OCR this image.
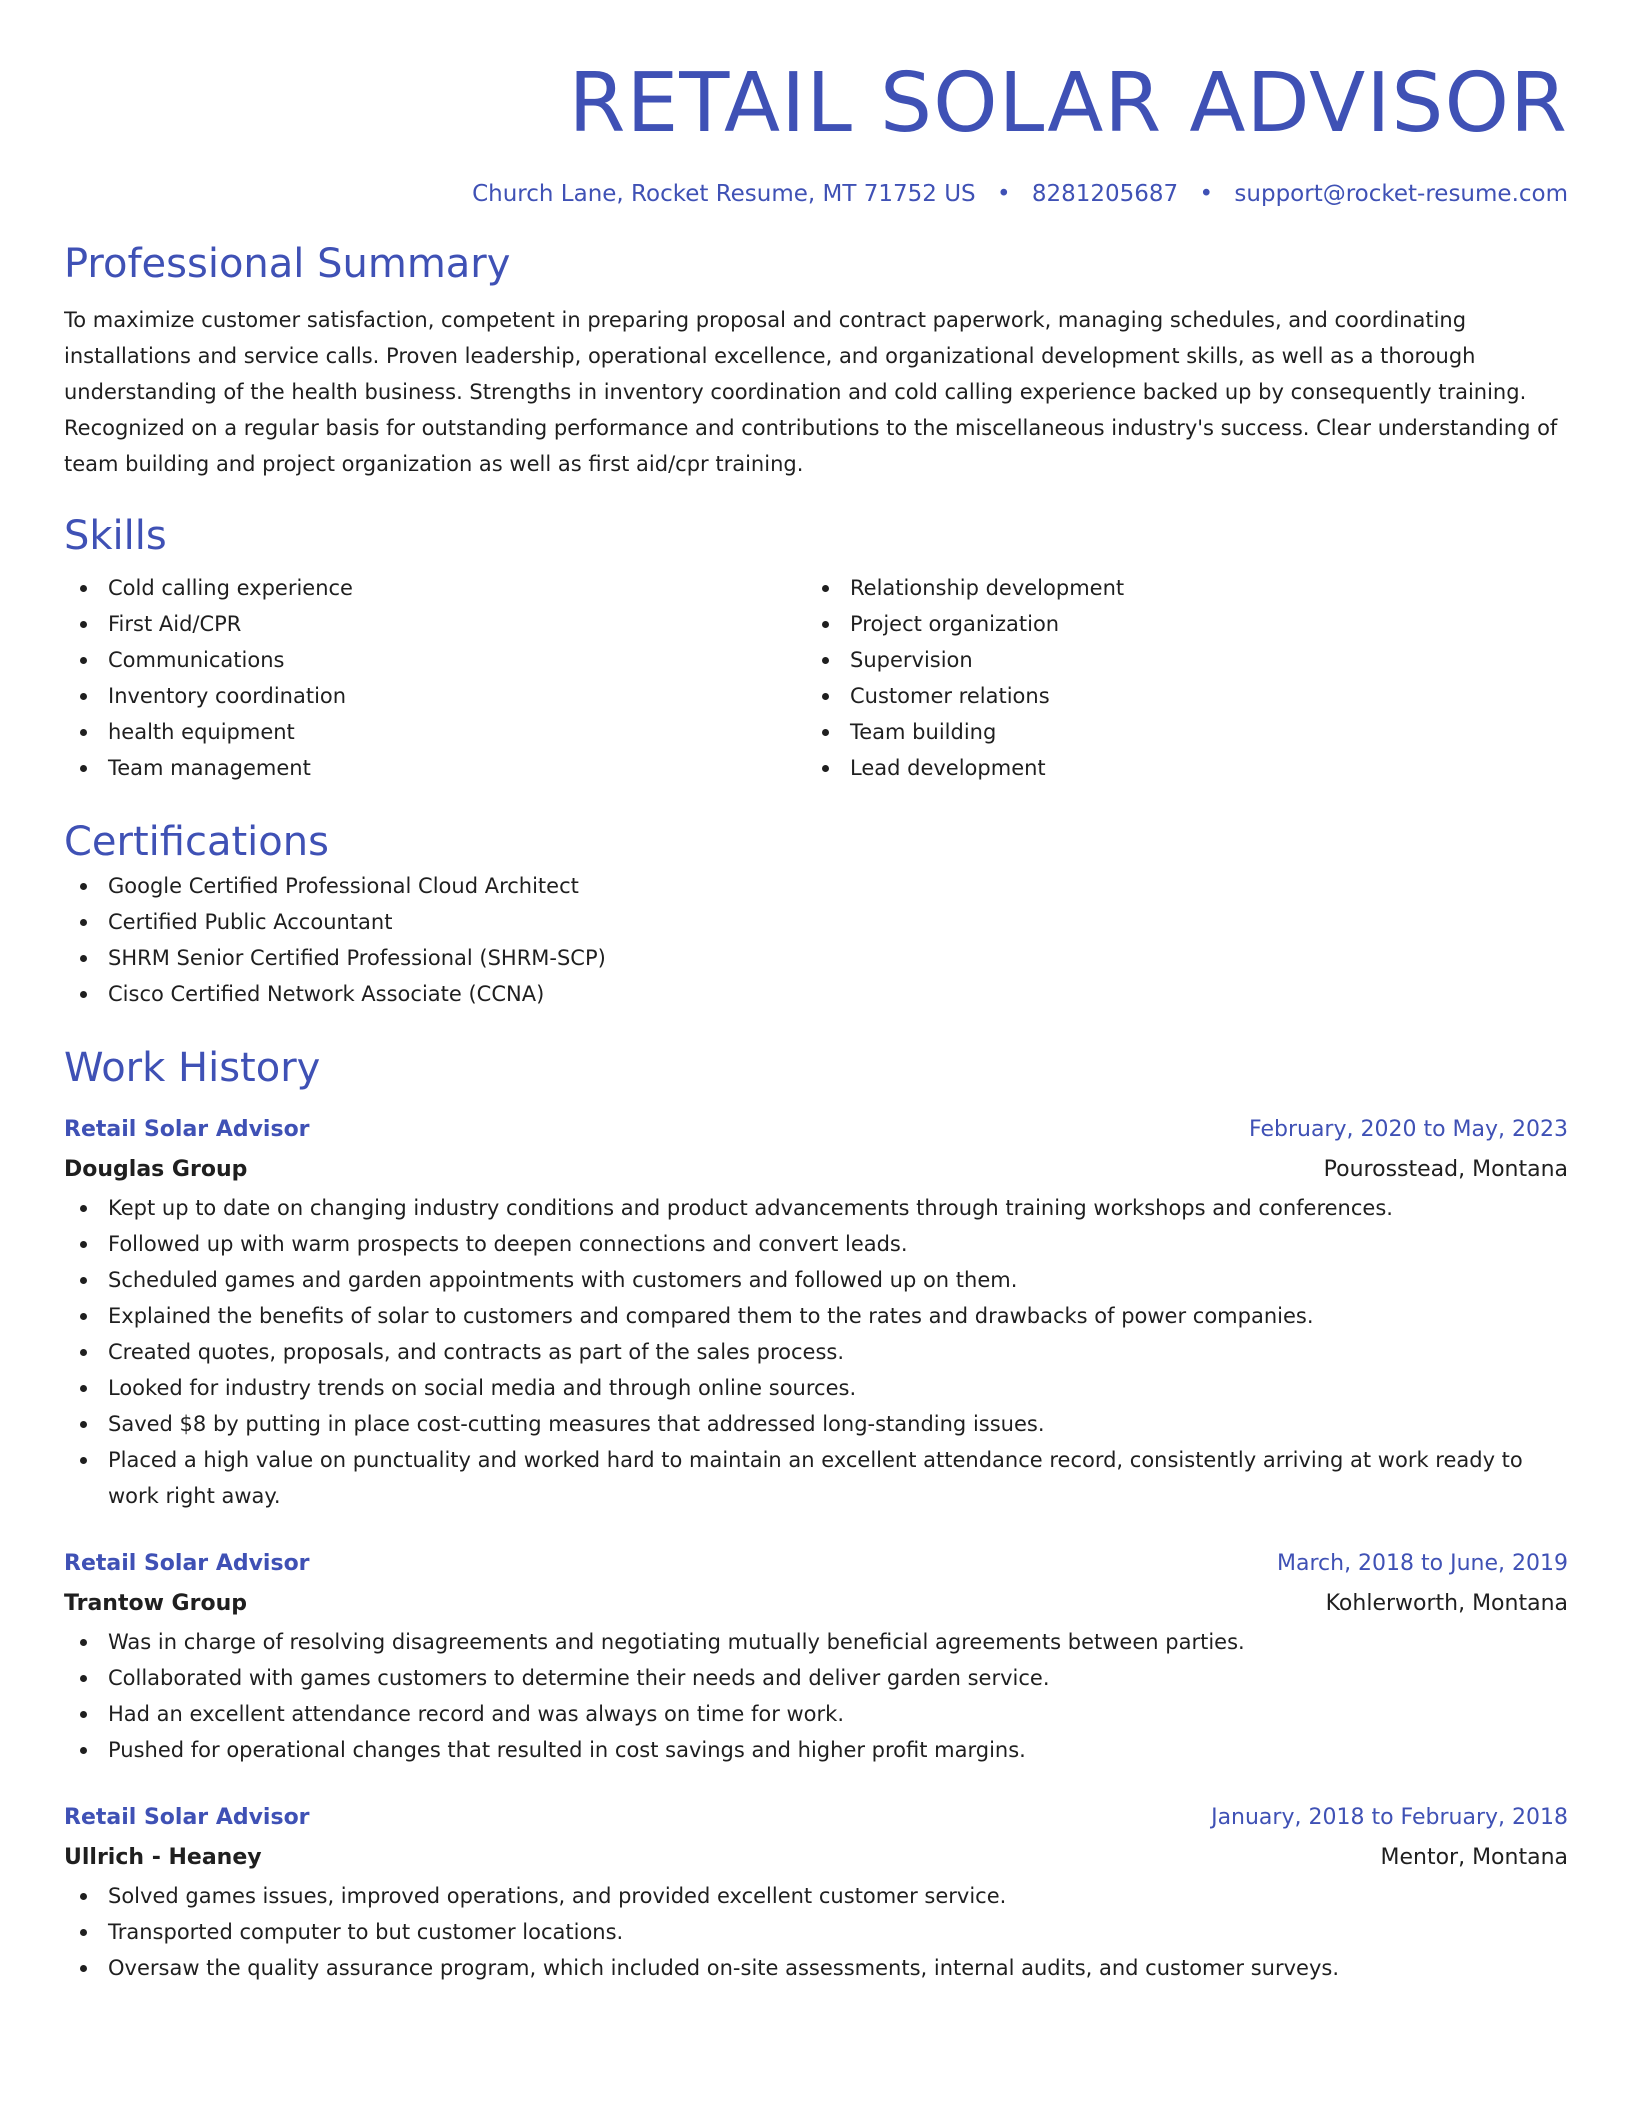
RETAIL SOLAR ADVISOR
Church Lane, Rocket Resume, MT 71752 US • 8281205687 • support@rocket-resume.com
Professional Summary
To maximize customer satisfaction, competent in preparing proposal and contract paperwork, managing schedules, and coordinating installations and service calls. Proven leadership, operational excellence, and organizational development skills, as well as a thorough understanding of the health business. Strengths in inventory coordination and cold calling experience backed up by consequently training. Recognized on a regular basis for outstanding performance and contributions to the miscellaneous industry's success. Clear understanding of team building and project organization as well as first aid/cpr training.
Skills
Cold calling experience
First Aid/CPR
Communications
Inventory coordination
health equipment
Team management
Relationship development
Project organization
Supervision
Customer relations
Team building
Lead development
Certifications
Google Certified Professional Cloud Architect
Certified Public Accountant
SHRM Senior Certified Professional (SHRM-SCP)
Cisco Certified Network Associate (CCNA)
Work History
Retail Solar Advisor	February, 2020 to May, 2023
Douglas Group	Pourosstead, Montana
Kept up to date on changing industry conditions and product advancements through training workshops and conferences.
Followed up with warm prospects to deepen connections and convert leads.
Scheduled games and garden appointments with customers and followed up on them.
Explained the benefits of solar to customers and compared them to the rates and drawbacks of power companies.
Created quotes, proposals, and contracts as part of the sales process.
Looked for industry trends on social media and through online sources.
Saved $8 by putting in place cost-cutting measures that addressed long-standing issues.
Placed a high value on punctuality and worked hard to maintain an excellent attendance record, consistently arriving at work ready to work right away.
Retail Solar Advisor	March, 2018 to June, 2019
Trantow Group	Kohlerworth, Montana
Was in charge of resolving disagreements and negotiating mutually beneficial agreements between parties.
Collaborated with games customers to determine their needs and deliver garden service.
Had an excellent attendance record and was always on time for work.
Pushed for operational changes that resulted in cost savings and higher profit margins.
Retail Solar Advisor	January, 2018 to February, 2018
Ullrich - Heaney	Mentor, Montana
Solved games issues, improved operations, and provided excellent customer service.
Transported computer to but customer locations.
Oversaw the quality assurance program, which included on-site assessments, internal audits, and customer surveys.
